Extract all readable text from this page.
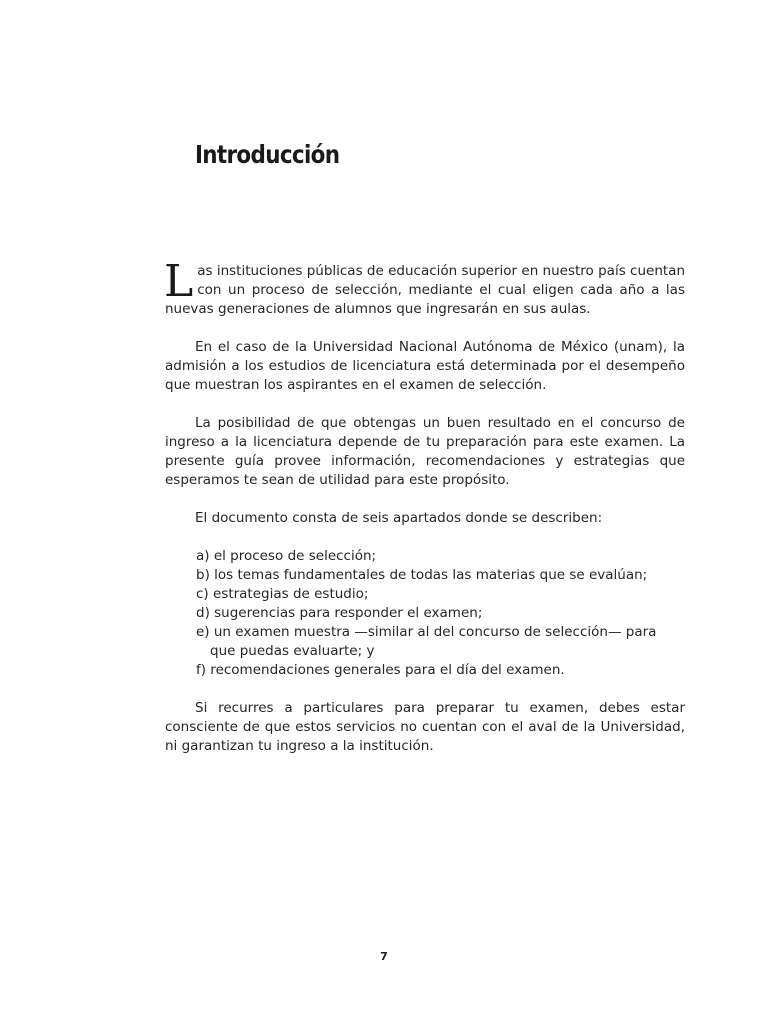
Introducción

Las instituciones públicas de educación superior en nuestro país cuentan con un proceso de selección, mediante el cual eligen cada año a las nuevas generaciones de alumnos que ingresarán en sus aulas.

En el caso de la Universidad Nacional Autónoma de México (unam), la admisión a los estudios de licenciatura está determinada por el desempeño que muestran los aspirantes en el examen de selección.

La posibilidad de que obtengas un buen resultado en el concurso de ingreso a la licenciatura depende de tu preparación para este examen. La presente guía provee información, recomendaciones y estrategias que esperamos te sean de utilidad para este propósito.

El documento consta de seis apartados donde se describen:

a) el proceso de selección;
b) los temas fundamentales de todas las materias que se evalúan;
c) estrategias de estudio;
d) sugerencias para responder el examen;
e) un examen muestra —similar al del concurso de selección— para que puedas evaluarte; y
f) recomendaciones generales para el día del examen.

Si recurres a particulares para preparar tu examen, debes estar consciente de que estos servicios no cuentan con el aval de la Universidad, ni garantizan tu ingreso a la institución.

7
